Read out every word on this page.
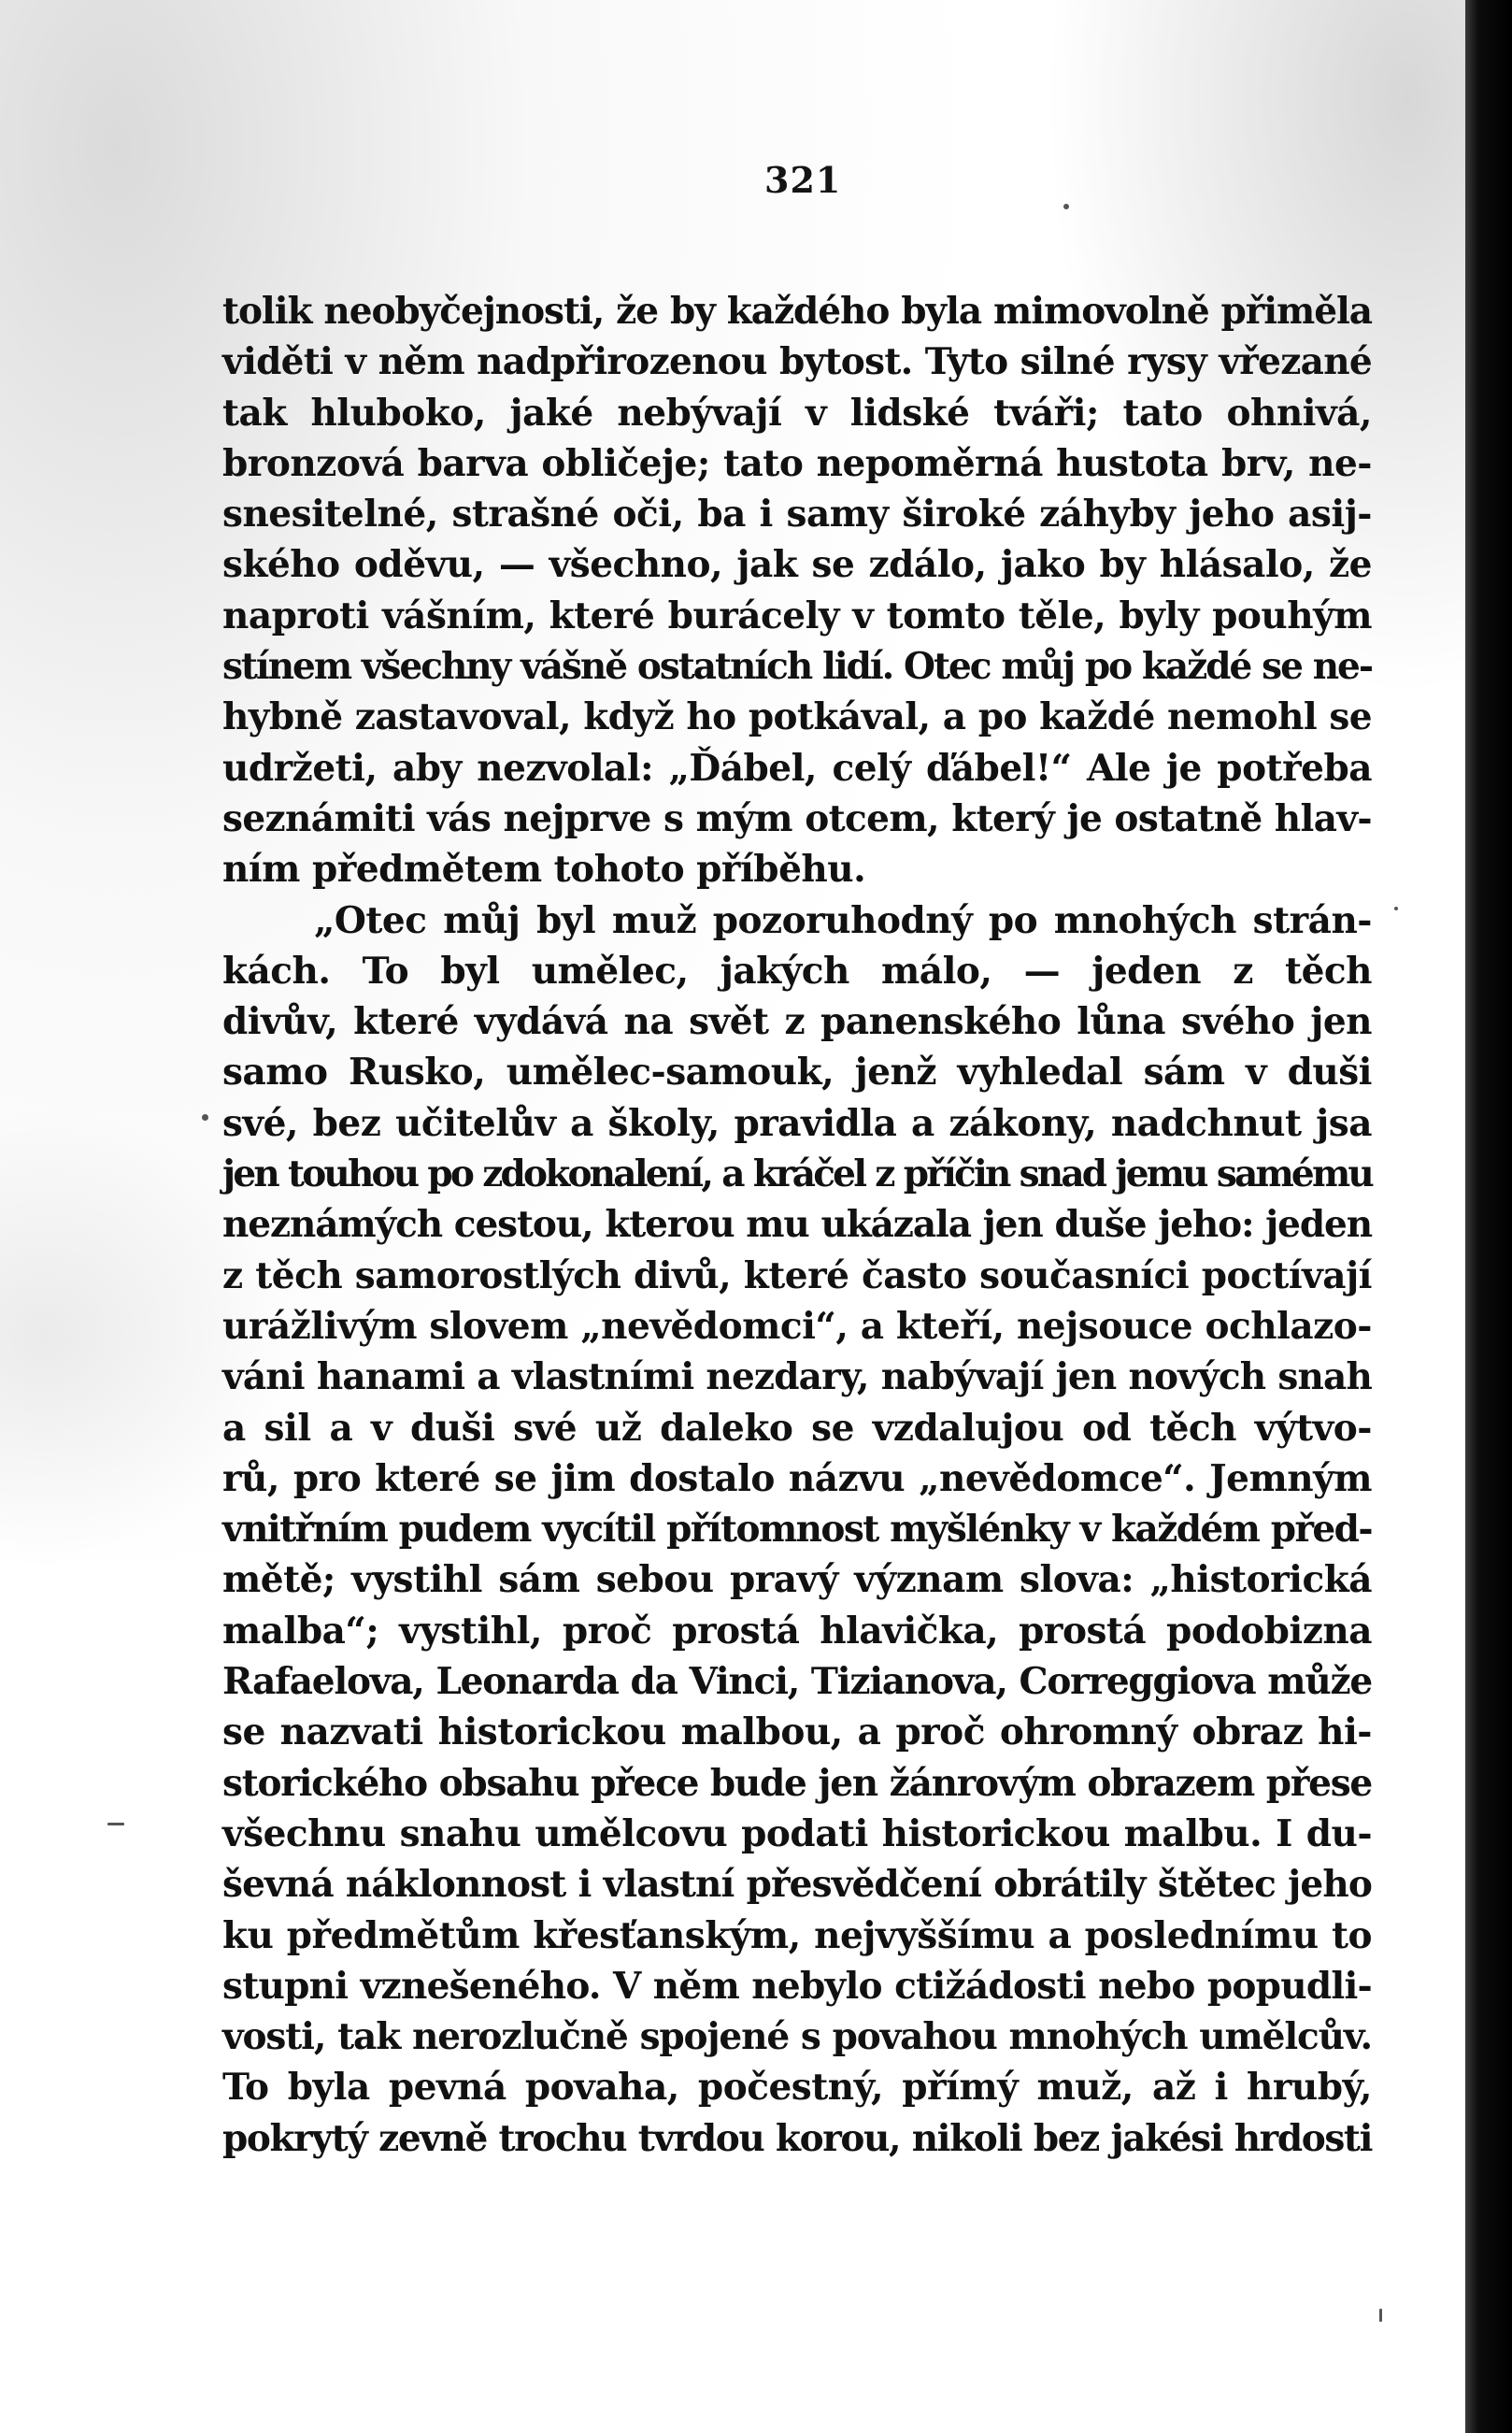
321
tolik neobyčejnosti, že by každého byla mimovolně přiměla
viděti v něm nadpřirozenou bytost. Tyto silné rysy vřezané
tak hluboko, jaké nebývají v lidské tváři; tato ohnivá,
bronzová barva obličeje; tato nepoměrná hustota brv, ne-
snesitelné, strašné oči, ba i samy široké záhyby jeho asij-
ského oděvu, — všechno, jak se zdálo, jako by hlásalo, že
naproti vášním, které burácely v tomto těle, byly pouhým
stínem všechny vášně ostatních lidí. Otec můj po každé se ne-
hybně zastavoval, když ho potkával, a po každé nemohl se
udržeti, aby nezvolal: „Ďábel, celý ďábel!“ Ale je potřeba
seznámiti vás nejprve s mým otcem, který je ostatně hlav-
ním předmětem tohoto příběhu.
„Otec můj byl muž pozoruhodný po mnohých strán-
kách. To byl umělec, jakých málo, — jeden z těch
divův, které vydává na svět z panenského lůna svého jen
samo Rusko, umělec-samouk, jenž vyhledal sám v duši
své, bez učitelův a školy, pravidla a zákony, nadchnut jsa
jen touhou po zdokonalení, a kráčel z příčin snad jemu samému
neznámých cestou, kterou mu ukázala jen duše jeho: jeden
z těch samorostlých divů, které často současníci poctívají
urážlivým slovem „nevědomci“, a kteří, nejsouce ochlazo-
váni hanami a vlastními nezdary, nabývají jen nových snah
a sil a v duši své už daleko se vzdalujou od těch výtvo-
rů, pro které se jim dostalo názvu „nevědomce“. Jemným
vnitřním pudem vycítil přítomnost myšlénky v každém před-
mětě; vystihl sám sebou pravý význam slova: „historická
malba“; vystihl, proč prostá hlavička, prostá podobizna
Rafaelova, Leonarda da Vinci, Tizianova, Correggiova může
se nazvati historickou malbou, a proč ohromný obraz hi-
storického obsahu přece bude jen žánrovým obrazem přese
všechnu snahu umělcovu podati historickou malbu. I du-
ševná náklonnost i vlastní přesvědčení obrátily štětec jeho
ku předmětům křesťanským, nejvyššímu a poslednímu to
stupni vznešeného. V něm nebylo ctižádosti nebo popudli-
vosti, tak nerozlučně spojené s povahou mnohých umělcův.
To byla pevná povaha, počestný, přímý muž, až i hrubý,
pokrytý zevně trochu tvrdou korou, nikoli bez jakési hrdosti
